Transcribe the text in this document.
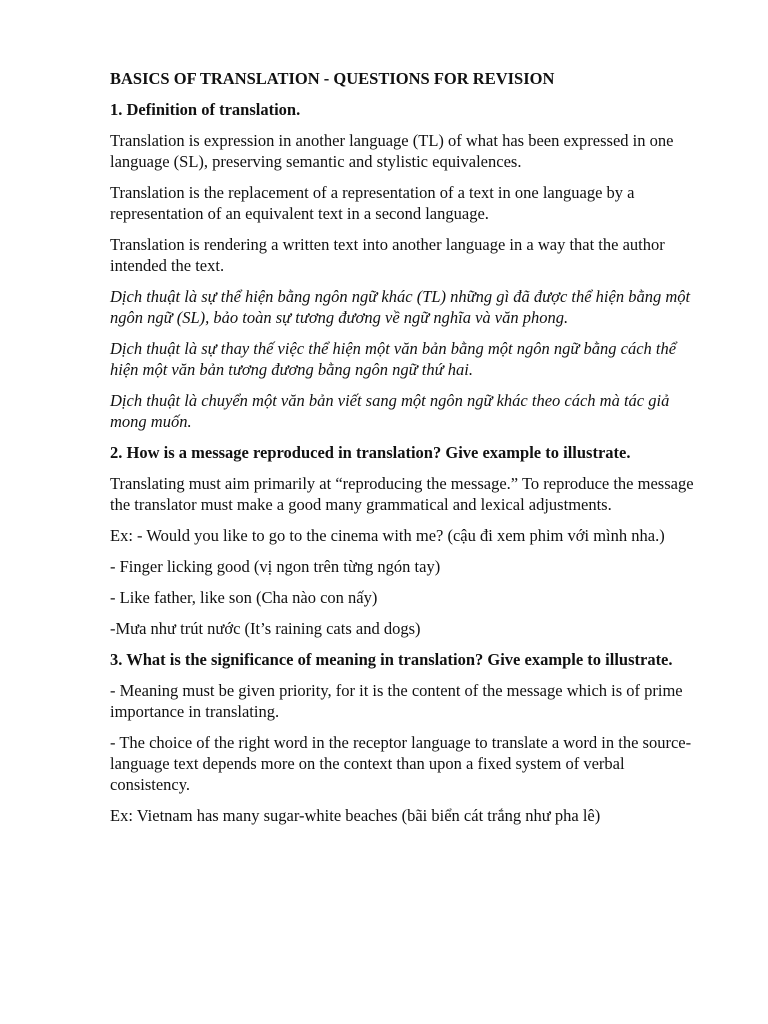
BASICS OF TRANSLATION - QUESTIONS FOR REVISION

1. Definition of translation.

Translation is expression in another language (TL) of what has been expressed in one language (SL), preserving semantic and stylistic equivalences.

Translation is the replacement of a representation of a text in one language by a representation of an equivalent text in a second language.

Translation is rendering a written text into another language in a way that the author intended the text.

Dịch thuật là sự thể hiện bằng ngôn ngữ khác (TL) những gì đã được thể hiện bằng một ngôn ngữ (SL), bảo toàn sự tương đương về ngữ nghĩa và văn phong.

Dịch thuật là sự thay thế việc thể hiện một văn bản bằng một ngôn ngữ bằng cách thể hiện một văn bản tương đương bằng ngôn ngữ thứ hai.

Dịch thuật là chuyển một văn bản viết sang một ngôn ngữ khác theo cách mà tác giả mong muốn.

2. How is a message reproduced in translation? Give example to illustrate.

Translating must aim primarily at “reproducing the message.” To reproduce the message the translator must make a good many grammatical and lexical adjustments.

Ex: - Would you like to go to the cinema with me? (cậu đi xem phim với mình nha.)

- Finger licking good (vị ngon trên từng ngón tay)

- Like father, like son (Cha nào con nấy)

-Mưa như trút nước (It’s raining cats and dogs)

3. What is the significance of meaning in translation? Give example to illustrate.

- Meaning must be given priority, for it is the content of the message which is of prime importance in translating.

- The choice of the right word in the receptor language to translate a word in the source-language text depends more on the context than upon a fixed system of verbal consistency.

Ex: Vietnam has many sugar-white beaches (bãi biển cát trắng như pha lê)
